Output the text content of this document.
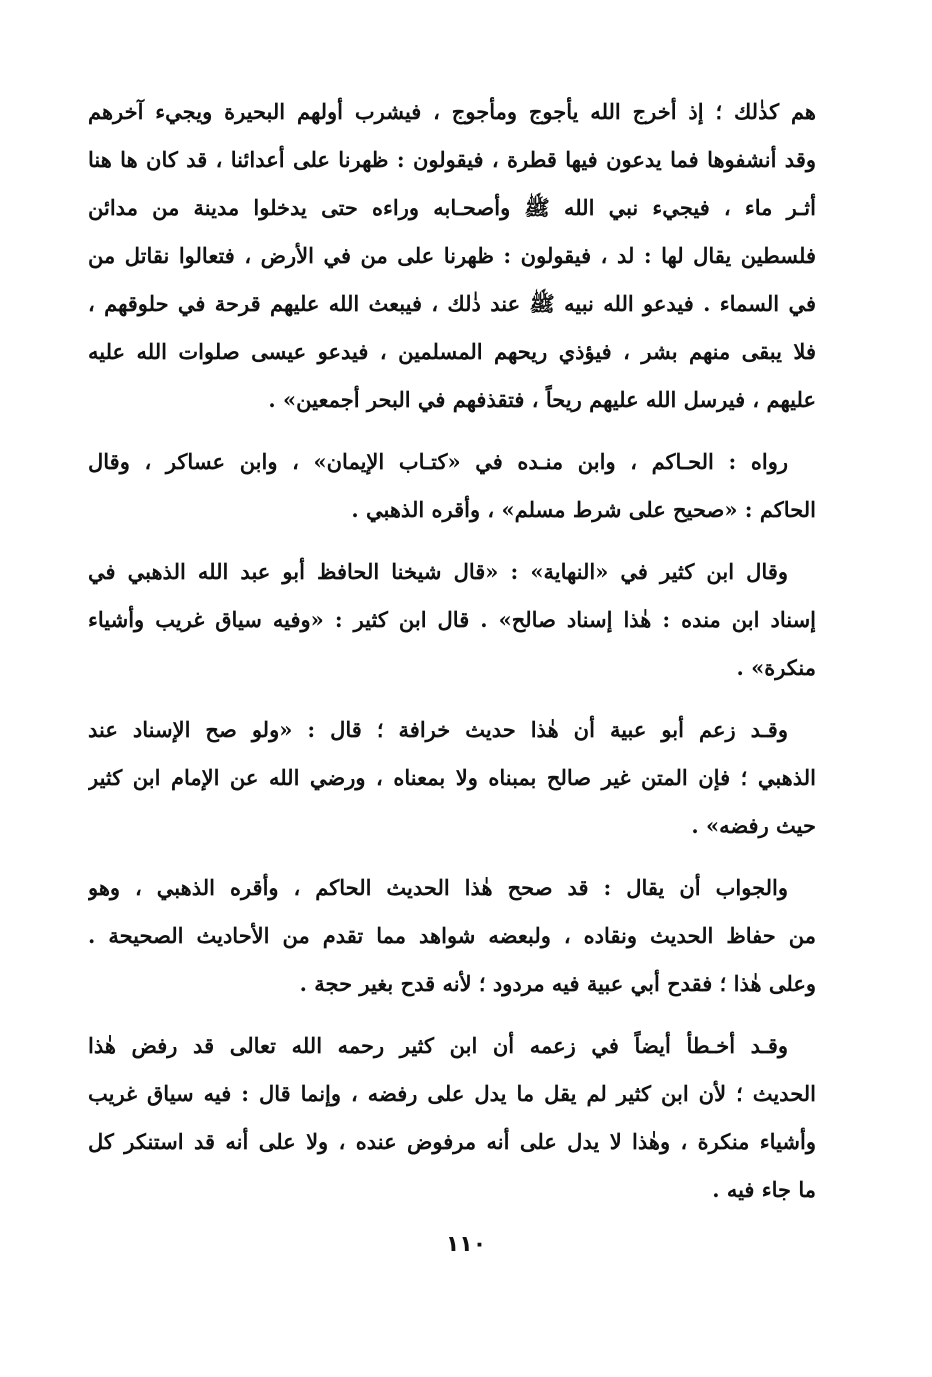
هم كذٰلك ؛ إذ أخرج الله يأجوج ومأجوج ، فيشرب أولهم البحيرة ويجيء آخرهم
وقد أنشفوها فما يدعون فيها قطرة ، فيقولون : ظهرنا على أعدائنا ، قد كان ها هنا
أثـر ماء ، فيجيء نبي الله ﷺ وأصحـابه وراءه حتى يدخلوا مدينة من مدائن
فلسطين يقال لها : لد ، فيقولون : ظهرنا على من في الأرض ، فتعالوا نقاتل من
في السماء . فيدعو الله نبيه ﷺ عند ذٰلك ، فيبعث الله عليهم قرحة في حلوقهم ،
فلا يبقى منهم بشر ، فيؤذي ريحهم المسلمين ، فيدعو عيسى صلوات الله عليه
عليهم ، فيرسل الله عليهم ريحاً ، فتقذفهم في البحر أجمعين» .
رواه : الحـاكم ، وابن منـده في «كتـاب الإيمان» ، وابن عساكر ، وقال
الحاكم : «صحيح على شرط مسلم» ، وأقره الذهبي .
وقال ابن كثير في «النهاية» : «قال شيخنا الحافظ أبو عبد الله الذهبي في
إسناد ابن منده : هٰذا إسناد صالح» . قال ابن كثير : «وفيه سياق غريب وأشياء
منكرة» .
وقـد زعم أبو عبية أن هٰذا حديث خرافة ؛ قال : «ولو صح الإسناد عند
الذهبي ؛ فإن المتن غير صالح بمبناه ولا بمعناه ، ورضي الله عن الإمام ابن كثير
حيث رفضه» .
والجواب أن يقال : قد صحح هٰذا الحديث الحاكم ، وأقره الذهبي ، وهو
من حفاظ الحديث ونقاده ، ولبعضه شواهد مما تقدم من الأحاديث الصحيحة .
وعلى هٰذا ؛ فقدح أبي عبية فيه مردود ؛ لأنه قدح بغير حجة .
وقـد أخـطأ أيضاً في زعمه أن ابن كثير رحمه الله تعالى قد رفض هٰذا
الحديث ؛ لأن ابن كثير لم يقل ما يدل على رفضه ، وإنما قال : فيه سياق غريب
وأشياء منكرة ، وهٰذا لا يدل على أنه مرفوض عنده ، ولا على أنه قد استنكر كل
ما جاء فيه .
١١٠
